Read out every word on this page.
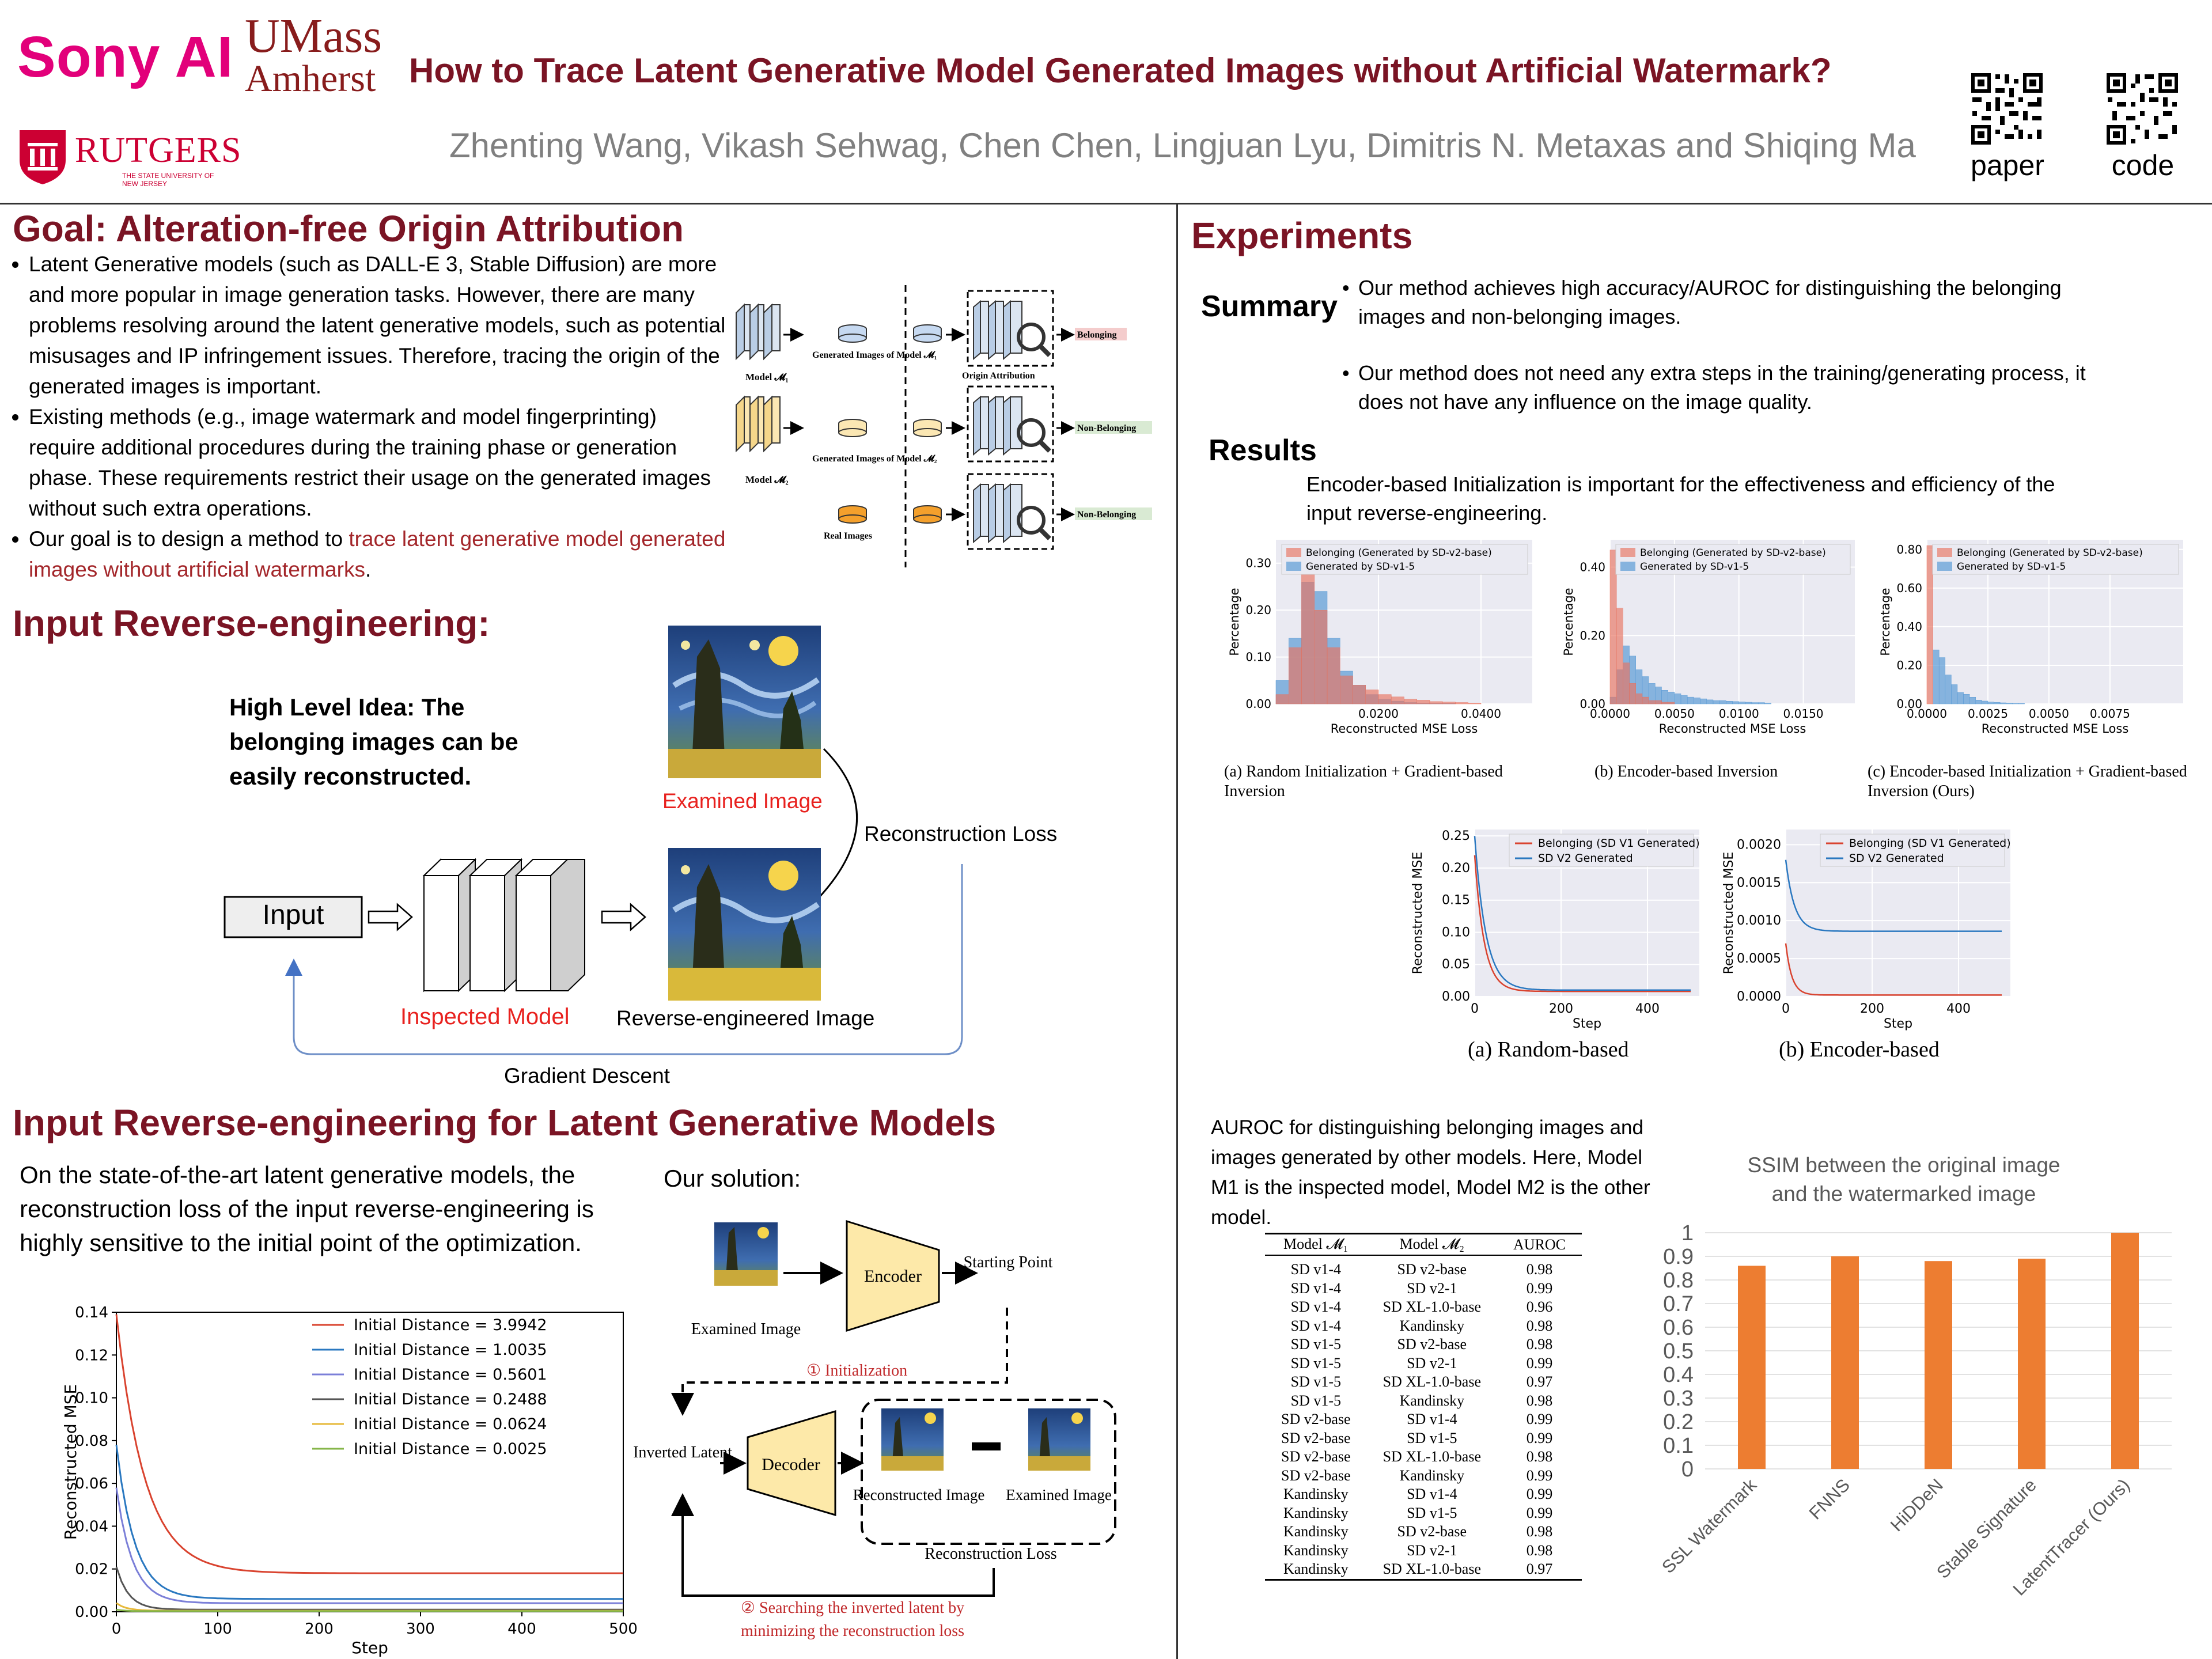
Sony AI UMass
Amherst
RUTGERS
THE STATE UNIVERSITY OF NEW JERSEY
How to Trace Latent Generative Model Generated Images without Artificial Watermark?
Zhenting Wang, Vikash Sehwag, Chen Chen, Lingjuan Lyu, Dimitris N. Metaxas and Shiqing Ma
paper code
Goal: Alteration-free Origin Attribution
• Latent Generative models (such as DALL-E 3, Stable Diffusion) are more and more popular in image generation tasks. However, there are many problems resolving around the latent generative models, such as potential misusages and IP infringement issues. Therefore, tracing the origin of the generated images is important.
• Existing methods (e.g., image watermark and model fingerprinting) require additional procedures during the training phase or generation phase. These requirements restrict their usage on the generated images without such extra operations.
• Our goal is to design a method to trace latent generative model generated images without artificial watermarks.
Model 𝓜₁
Generated Images of Model 𝓜₁
Model 𝓜₂
Generated Images of Model 𝓜₂
Real Images
Origin Attribution
Belonging
Non-Belonging
Non-Belonging
Input Reverse-engineering:
High Level Idea: The belonging images can be easily reconstructed.
Examined Image
Reconstruction Loss
Reverse-engineered Image
Input
Inspected Model
Gradient Descent
Input Reverse-engineering for Latent Generative Models
On the state-of-the-art latent generative models, the reconstruction loss of the input reverse-engineering is highly sensitive to the initial point of the optimization.
Our solution:
0.00
0.02
0.04
0.06
0.08
0.10
0.12
0.14
0	100	200	300	400	500
Step
Reconstructed MSE
Initial Distance = 3.9942
Initial Distance = 1.0035
Initial Distance = 0.5601
Initial Distance = 0.2488
Initial Distance = 0.0624
Initial Distance = 0.0025
Examined Image
Encoder
Starting Point
① Initialization
Inverted Latent
Decoder
Reconstructed Image Examined Image
Reconstruction Loss
② Searching the inverted latent by minimizing the reconstruction loss
Experiments
Summary
• Our method achieves high accuracy/AUROC for distinguishing the belonging images and non-belonging images.
• Our method does not need any extra steps in the training/generating process, it does not have any influence on the image quality.
Results
Encoder-based Initialization is important for the effectiveness and efficiency of the input reverse-engineering.
0.00
0.10
0.20
0.30
0.0200	0.0400
Reconstructed MSE Loss
Percentage
Belonging (Generated by SD-v2-base)
Generated by SD-v1-5
0.00
0.20
0.40
0.0000 0.0050 0.0100 0.0150
Reconstructed MSE Loss
Percentage
Belonging (Generated by SD-v2-base)
Generated by SD-v1-5
0.00
0.20
0.40
0.60
0.80
0.0000 0.0025 0.0050 0.0075
Reconstructed MSE Loss
Percentage
Belonging (Generated by SD-v2-base)
Generated by SD-v1-5
(a) Random Initialization + Gradient-based Inversion
(b) Encoder-based Inversion	(c) Encoder-based Initialization + Gradient-based Inversion (Ours)
0.00
0.05
0.10
0.15
0.20
0.25
0	200	400
Belonging (SD V1 Generated)
SD V2 Generated
Step
Reconstructed MSE
0.0000
0.0005
0.0010
0.0015
0.0020
0	200	400
Belonging (SD V1 Generated)
SD V2 Generated
Step
Reconstructed MSE
(a) Random-based	(b) Encoder-based
AUROC for distinguishing belonging images and images generated by other models. Here, Model M1 is the inspected model, Model M2 is the other model.
Model 𝓜₁	Model 𝓜₂	AUROC
SD v1-4	SD v2-base	0.98
SD v1-4	SD v2-1	0.99
SD v1-4	SD XL-1.0-base	0.96
SD v1-4	Kandinsky	0.98
SD v1-5	SD v2-base	0.98
SD v1-5	SD v2-1	0.99
SD v1-5	SD XL-1.0-base	0.97
SD v1-5	Kandinsky	0.98
SD v2-base	SD v1-4	0.99
SD v2-base	SD v1-5	0.99
SD v2-base	SD XL-1.0-base	0.98
SD v2-base	Kandinsky	0.99
Kandinsky	SD v1-4	0.99
Kandinsky	SD v1-5	0.99
Kandinsky	SD v2-base	0.98
Kandinsky	SD v2-1	0.98
Kandinsky	SD XL-1.0-base	0.97
SSIM between the original image
and the watermarked image
0
0.1
0.2
0.3
0.4
0.5
0.6
0.7
0.8
0.9
1
SSL Watermark	FNNS HiDDeN
Stable Signature
LatentTracer (Ours)
